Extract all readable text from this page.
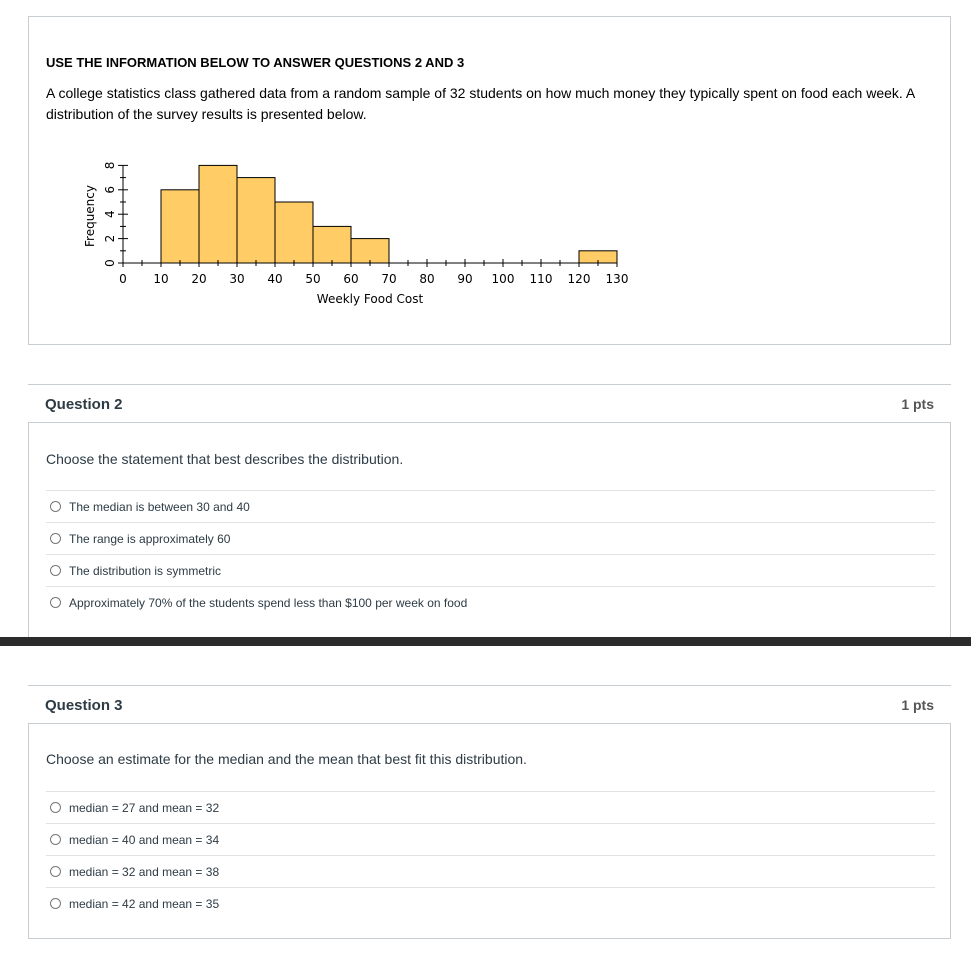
USE THE INFORMATION BELOW TO ANSWER QUESTIONS 2 AND 3

A college statistics class gathered data from a random sample of 32 students on how much money they typically spent on food each week. A distribution of the survey results is presented below.

0 10 20 30 40 50 60 70 80 90 100 110 120 130
Weekly Food Cost
0
2
4
6
8
Frequency
Question 2	1 pts

Choose the statement that best describes the distribution.

The median is between 30 and 40
The range is approximately 60
The distribution is symmetric
Approximately 70% of the students spend less than $100 per week on food
Question 3	1 pts

Choose an estimate for the median and the mean that best fit this distribution.

median = 27 and mean = 32
median = 40 and mean = 34
median = 32 and mean = 38
median = 42 and mean = 35
